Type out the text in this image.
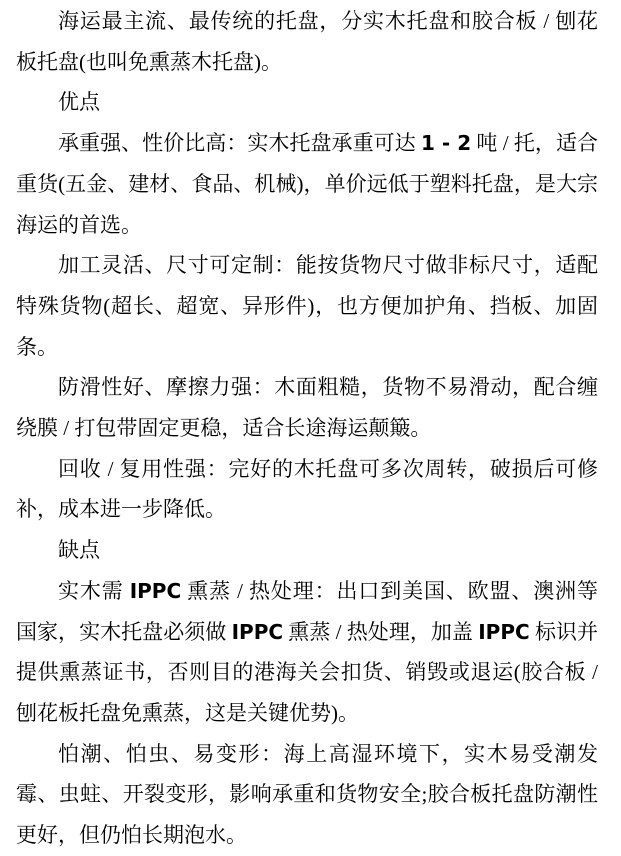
海运最主流、最传统的托盘，分实木托盘和胶合板 / 刨花板托盘(也叫免熏蒸木托盘)。

优点

承重强、性价比高：实木托盘承重可达 1 - 2 吨 / 托，适合重货(五金、建材、食品、机械)，单价远低于塑料托盘，是大宗海运的首选。

加工灵活、尺寸可定制：能按货物尺寸做非标尺寸，适配特殊货物(超长、超宽、异形件)，也方便加护角、挡板、加固条。

防滑性好、摩擦力强：木面粗糙，货物不易滑动，配合缠绕膜 / 打包带固定更稳，适合长途海运颠簸。

回收 / 复用性强：完好的木托盘可多次周转，破损后可修补，成本进一步降低。

缺点

实木需 IPPC 熏蒸 / 热处理：出口到美国、欧盟、澳洲等国家，实木托盘必须做 IPPC 熏蒸 / 热处理，加盖 IPPC 标识并提供熏蒸证书，否则目的港海关会扣货、销毁或退运(胶合板 / 刨花板托盘免熏蒸，这是关键优势)。

怕潮、怕虫、易变形：海上高湿环境下，实木易受潮发霉、虫蛀、开裂变形，影响承重和货物安全;胶合板托盘防潮性更好，但仍怕长期泡水。
